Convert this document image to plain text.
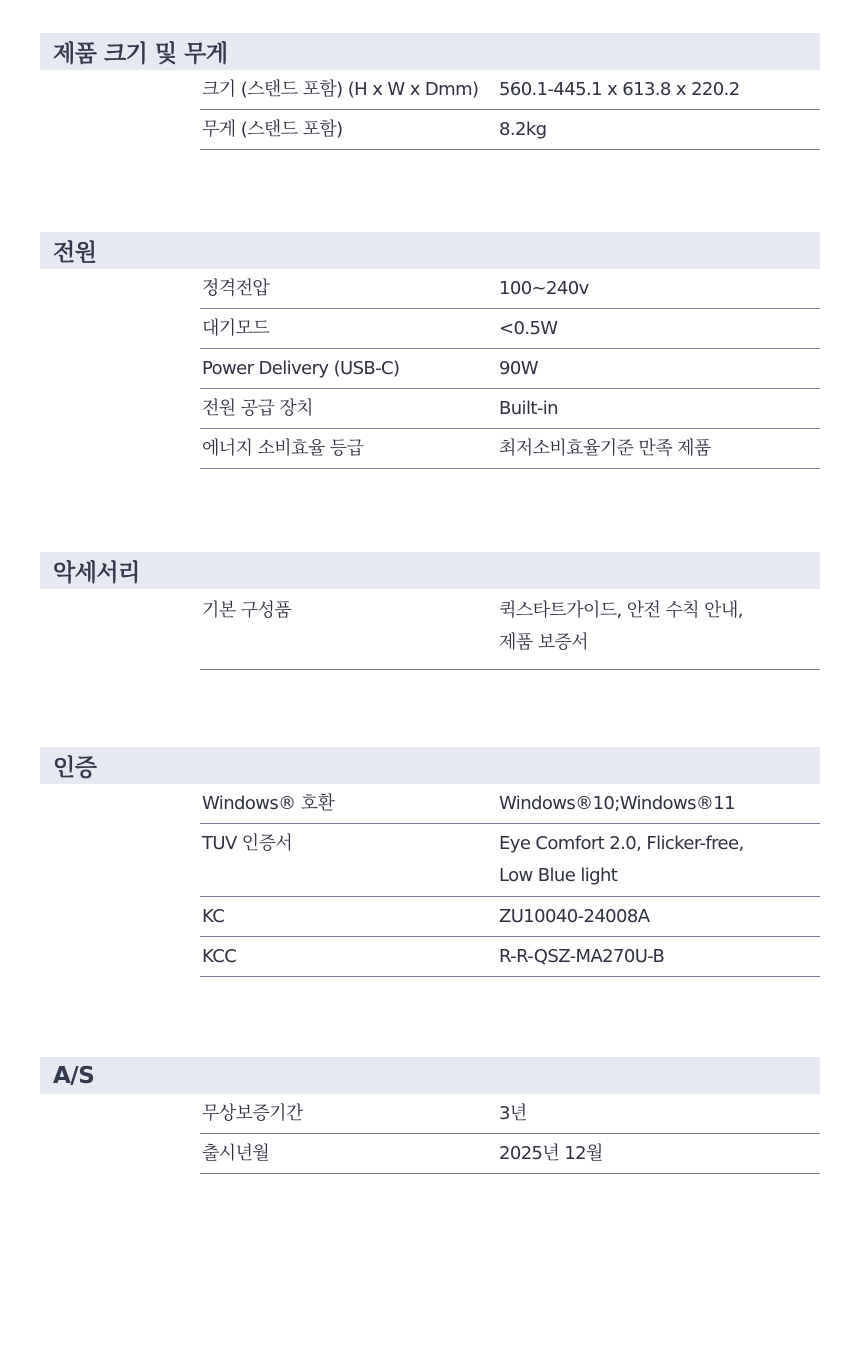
제품 크기 및 무게
크기 (스탠드 포함) (H x W x Dmm)	560.1-445.1 x 613.8 x 220.2
무게 (스탠드 포함)	8.2kg
전원
정격전압	100~240v
대기모드	<0.5W
Power Delivery (USB-C)	90W
전원 공급 장치	Built-in
에너지 소비효율 등급	최저소비효율기준 만족 제품
악세서리
기본 구성품	퀵스타트가이드, 안전 수칙 안내,
제품 보증서
인증
Windows® 호환	Windows®10;Windows®11
TUV 인증서	Eye Comfort 2.0, Flicker-free,
Low Blue light
KC	ZU10040-24008A
KCC	R-R-QSZ-MA270U-B
A/S
무상보증기간	3년
출시년월	2025년 12월
